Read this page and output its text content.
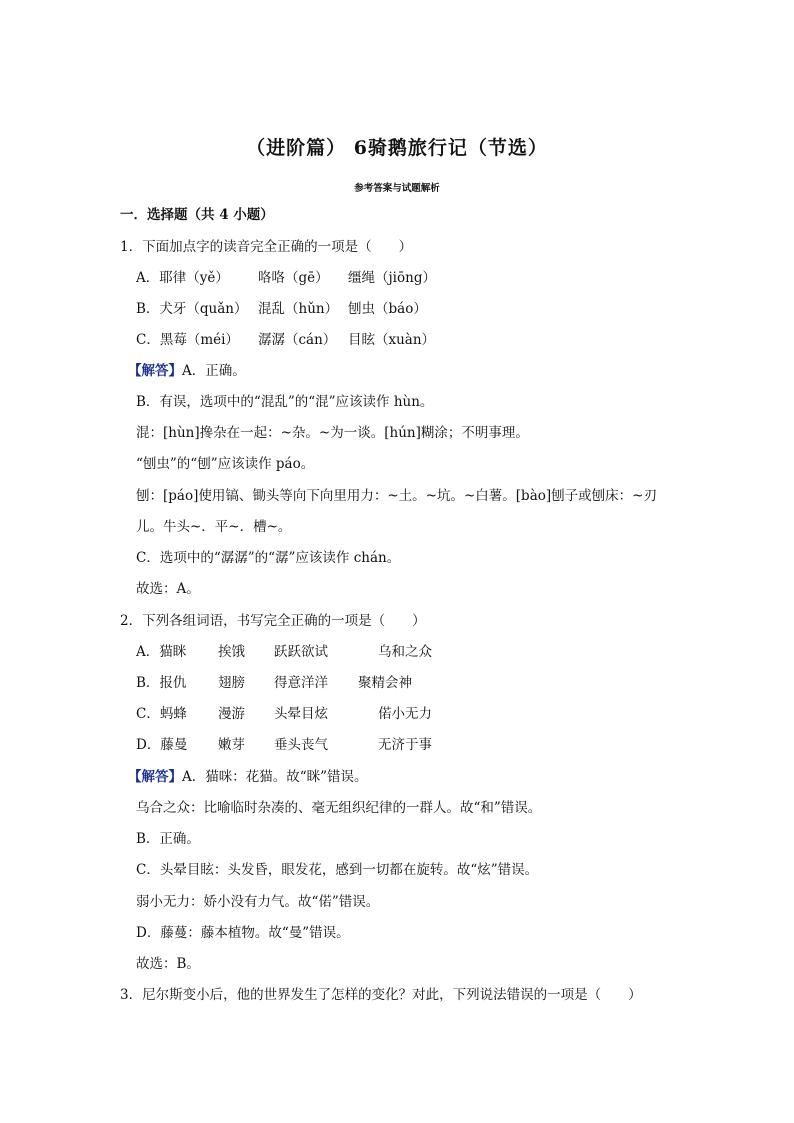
（进阶篇） 6骑鹅旅行记（节选）
参考答案与试题解析
一．选择题（共 4 小题）
1．下面加点字的读音完全正确的一项是（　　）
A．耶律（yě） 咯咯（gē） 缰绳（jiōng）
B．犬牙（quǎn） 混乱（hǔn） 刨虫（báo）
C．黑莓（méi） 潺潺（cán） 目眩（xuàn）
【解答】A．正确。
B．有误，选项中的“混乱”的“混”应该读作 hùn。
混：[hùn]搀杂在一起：~杂。~为一谈。[hún]糊涂；不明事理。
“刨虫”的“刨”应该读作 páo。
刨：[páo]使用镐、锄头等向下向里用力：~土。~坑。~白薯。[bào]刨子或刨床：~刃
儿。牛头~．平~．槽~。
C．选项中的“潺潺”的“潺”应该读作 chán。
故选：A。
2．下列各组词语，书写完全正确的一项是（　　）
A．猫眯 挨饿 跃跃欲试	乌和之众
B．报仇 翅膀 得意洋洋 聚精会神
C．蚂蜂 漫游 头晕目炫	偌小无力
D．藤曼 嫩芽 垂头丧气	无济于事
【解答】A．猫咪：花猫。故“眯”错误。
乌合之众：比喻临时杂凑的、毫无组织纪律的一群人。故“和”错误。
B．正确。
C．头晕目眩：头发昏，眼发花，感到一切都在旋转。故“炫”错误。
弱小无力：娇小没有力气。故“偌”错误。
D．藤蔓：藤本植物。故“曼”错误。
故选：B。
3．尼尔斯变小后，他的世界发生了怎样的变化？对此，下列说法错误的一项是（　　）
